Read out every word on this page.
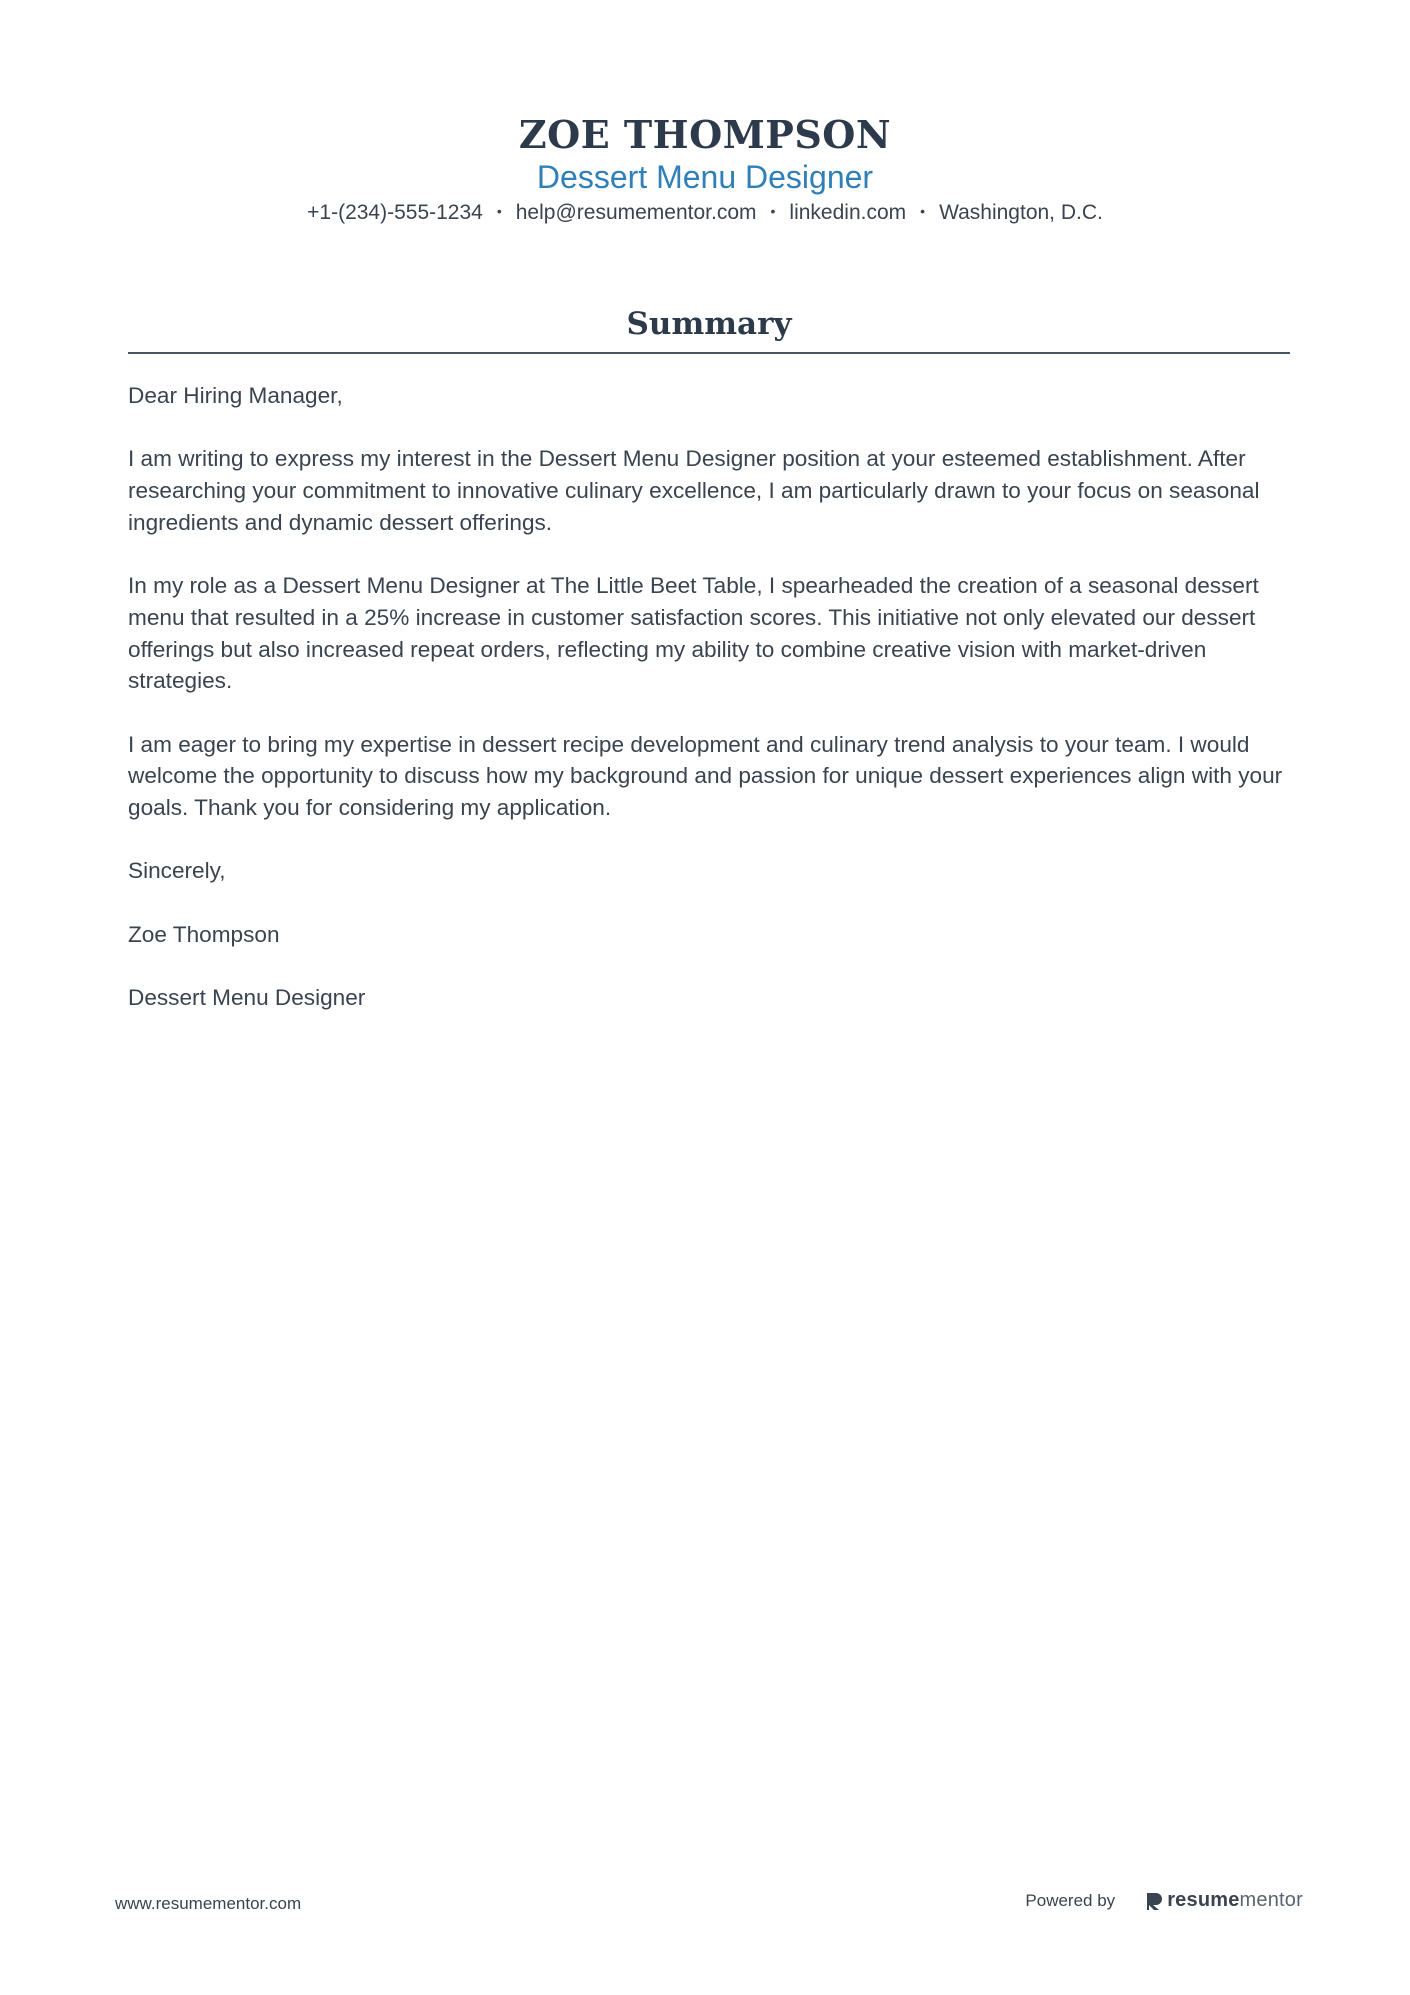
ZOE THOMPSON
Dessert Menu Designer
+1-(234)-555-1234 • help@resumementor.com • linkedin.com • Washington, D.C.
Summary

Dear Hiring Manager,

I am writing to express my interest in the Dessert Menu Designer position at your esteemed establishment. After researching your commitment to innovative culinary excellence, I am particularly drawn to your focus on seasonal ingredients and dynamic dessert offerings.

In my role as a Dessert Menu Designer at The Little Beet Table, I spearheaded the creation of a seasonal dessert menu that resulted in a 25% increase in customer satisfaction scores. This initiative not only elevated our dessert offerings but also increased repeat orders, reflecting my ability to combine creative vision with market-driven strategies.

I am eager to bring my expertise in dessert recipe development and culinary trend analysis to your team. I would welcome the opportunity to discuss how my background and passion for unique dessert experiences align with your goals. Thank you for considering my application.

Sincerely,

Zoe Thompson

Dessert Menu Designer

www.resumementor.com	Powered by	resume mentor
